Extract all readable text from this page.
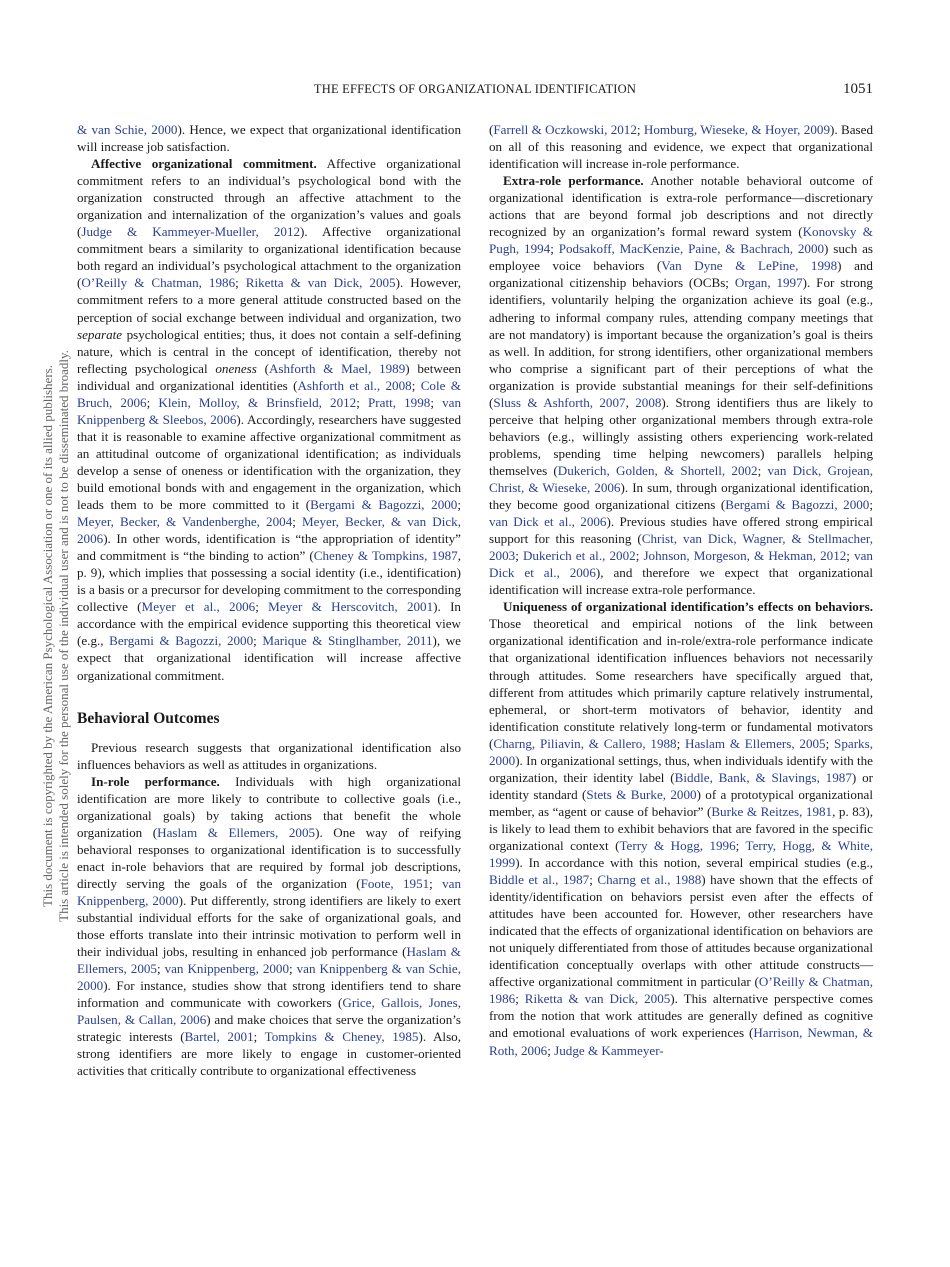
THE EFFECTS OF ORGANIZATIONAL IDENTIFICATION	1051
This document is copyrighted by the American Psychological Association or one of its allied publishers. This article is intended solely for the personal use of the individual user and is not to be disseminated broadly.

& van Schie, 2000). Hence, we expect that organizational identification will increase job satisfaction.

Affective organizational commitment. Affective organizational commitment refers to an individual’s psychological bond with the organization constructed through an affective attachment to the organization and internalization of the organization’s values and goals (Judge & Kammeyer-Mueller, 2012). Affective organizational commitment bears a similarity to organizational identification because both regard an individual’s psychological attachment to the organization (O’Reilly & Chatman, 1986; Riketta & van Dick, 2005). However, commitment refers to a more general attitude constructed based on the perception of social exchange between individual and organization, two separate psychological entities; thus, it does not contain a self-defining nature, which is central in the concept of identification, thereby not reflecting psychological oneness (Ashforth & Mael, 1989) between individual and organizational identities (Ashforth et al., 2008; Cole & Bruch, 2006; Klein, Molloy, & Brinsfield, 2012; Pratt, 1998; van Knippenberg & Sleebos, 2006). Accordingly, researchers have suggested that it is reasonable to examine affective organizational commitment as an attitudinal outcome of organizational identification; as individuals develop a sense of oneness or identification with the organization, they build emotional bonds with and engagement in the organization, which leads them to be more committed to it (Bergami & Bagozzi, 2000; Meyer, Becker, & Vandenberghe, 2004; Meyer, Becker, & van Dick, 2006). In other words, identification is “the appropriation of identity” and commitment is “the binding to action” (Cheney & Tompkins, 1987, p. 9), which implies that possessing a social identity (i.e., identification) is a basis or a precursor for developing commitment to the corresponding collective (Meyer et al., 2006; Meyer & Herscovitch, 2001). In accordance with the empirical evidence supporting this theoretical view (e.g., Bergami & Bagozzi, 2000; Marique & Stinglhamber, 2011), we expect that organizational identification will increase affective organizational commitment.

Behavioral Outcomes

Previous research suggests that organizational identification also influences behaviors as well as attitudes in organizations.

In-role performance. Individuals with high organizational identification are more likely to contribute to collective goals (i.e., organizational goals) by taking actions that benefit the whole organization (Haslam & Ellemers, 2005). One way of reifying behavioral responses to organizational identification is to successfully enact in-role behaviors that are required by formal job descriptions, directly serving the goals of the organization (Foote, 1951; van Knippenberg, 2000). Put differently, strong identifiers are likely to exert substantial individual efforts for the sake of organizational goals, and those efforts translate into their intrinsic motivation to perform well in their individual jobs, resulting in enhanced job performance (Haslam & Ellemers, 2005; van Knippenberg, 2000; van Knippenberg & van Schie, 2000). For instance, studies show that strong identifiers tend to share information and communicate with coworkers (Grice, Gallois, Jones, Paulsen, & Callan, 2006) and make choices that serve the organization’s strategic interests (Bartel, 2001; Tompkins & Cheney, 1985). Also, strong identifiers are more likely to engage in customer-oriented activities that critically contribute to organizational effectiveness

(Farrell & Oczkowski, 2012; Homburg, Wieseke, & Hoyer, 2009). Based on all of this reasoning and evidence, we expect that organizational identification will increase in-role performance.

Extra-role performance. Another notable behavioral outcome of organizational identification is extra-role performance—discretionary actions that are beyond formal job descriptions and not directly recognized by an organization’s formal reward system (Konovsky & Pugh, 1994; Podsakoff, MacKenzie, Paine, & Bachrach, 2000) such as employee voice behaviors (Van Dyne & LePine, 1998) and organizational citizenship behaviors (OCBs; Organ, 1997). For strong identifiers, voluntarily helping the organization achieve its goal (e.g., adhering to informal company rules, attending company meetings that are not mandatory) is important because the organization’s goal is theirs as well. In addition, for strong identifiers, other organizational members who comprise a significant part of their perceptions of what the organization is provide substantial meanings for their self-definitions (Sluss & Ashforth, 2007, 2008). Strong identifiers thus are likely to perceive that helping other organizational members through extra-role behaviors (e.g., willingly assisting others experiencing work-related problems, spending time helping newcomers) parallels helping themselves (Dukerich, Golden, & Shortell, 2002; van Dick, Grojean, Christ, & Wieseke, 2006). In sum, through organizational identification, they become good organizational citizens (Bergami & Bagozzi, 2000; van Dick et al., 2006). Previous studies have offered strong empirical support for this reasoning (Christ, van Dick, Wagner, & Stellmacher, 2003; Dukerich et al., 2002; Johnson, Morgeson, & Hekman, 2012; van Dick et al., 2006), and therefore we expect that organizational identification will increase extra-role performance.

Uniqueness of organizational identification’s effects on behaviors. Those theoretical and empirical notions of the link between organizational identification and in-role/extra-role performance indicate that organizational identification influences behaviors not necessarily through attitudes. Some researchers have specifically argued that, different from attitudes which primarily capture relatively instrumental, ephemeral, or short-term motivators of behavior, identity and identification constitute relatively long-term or fundamental motivators (Charng, Piliavin, & Callero, 1988; Haslam & Ellemers, 2005; Sparks, 2000). In organizational settings, thus, when individuals identify with the organization, their identity label (Biddle, Bank, & Slavings, 1987) or identity standard (Stets & Burke, 2000) of a prototypical organizational member, as “agent or cause of behavior” (Burke & Reitzes, 1981, p. 83), is likely to lead them to exhibit behaviors that are favored in the specific organizational context (Terry & Hogg, 1996; Terry, Hogg, & White, 1999). In accordance with this notion, several empirical studies (e.g., Biddle et al., 1987; Charng et al., 1988) have shown that the effects of identity/identification on behaviors persist even after the effects of attitudes have been accounted for. However, other researchers have indicated that the effects of organizational identification on behaviors are not uniquely differentiated from those of attitudes because organizational identification conceptually overlaps with other attitude constructs—affective organizational commitment in particular (O’Reilly & Chatman, 1986; Riketta & van Dick, 2005). This alternative perspective comes from the notion that work attitudes are generally defined as cognitive and emotional evaluations of work experiences (Harrison, Newman, & Roth, 2006; Judge & Kammeyer-
